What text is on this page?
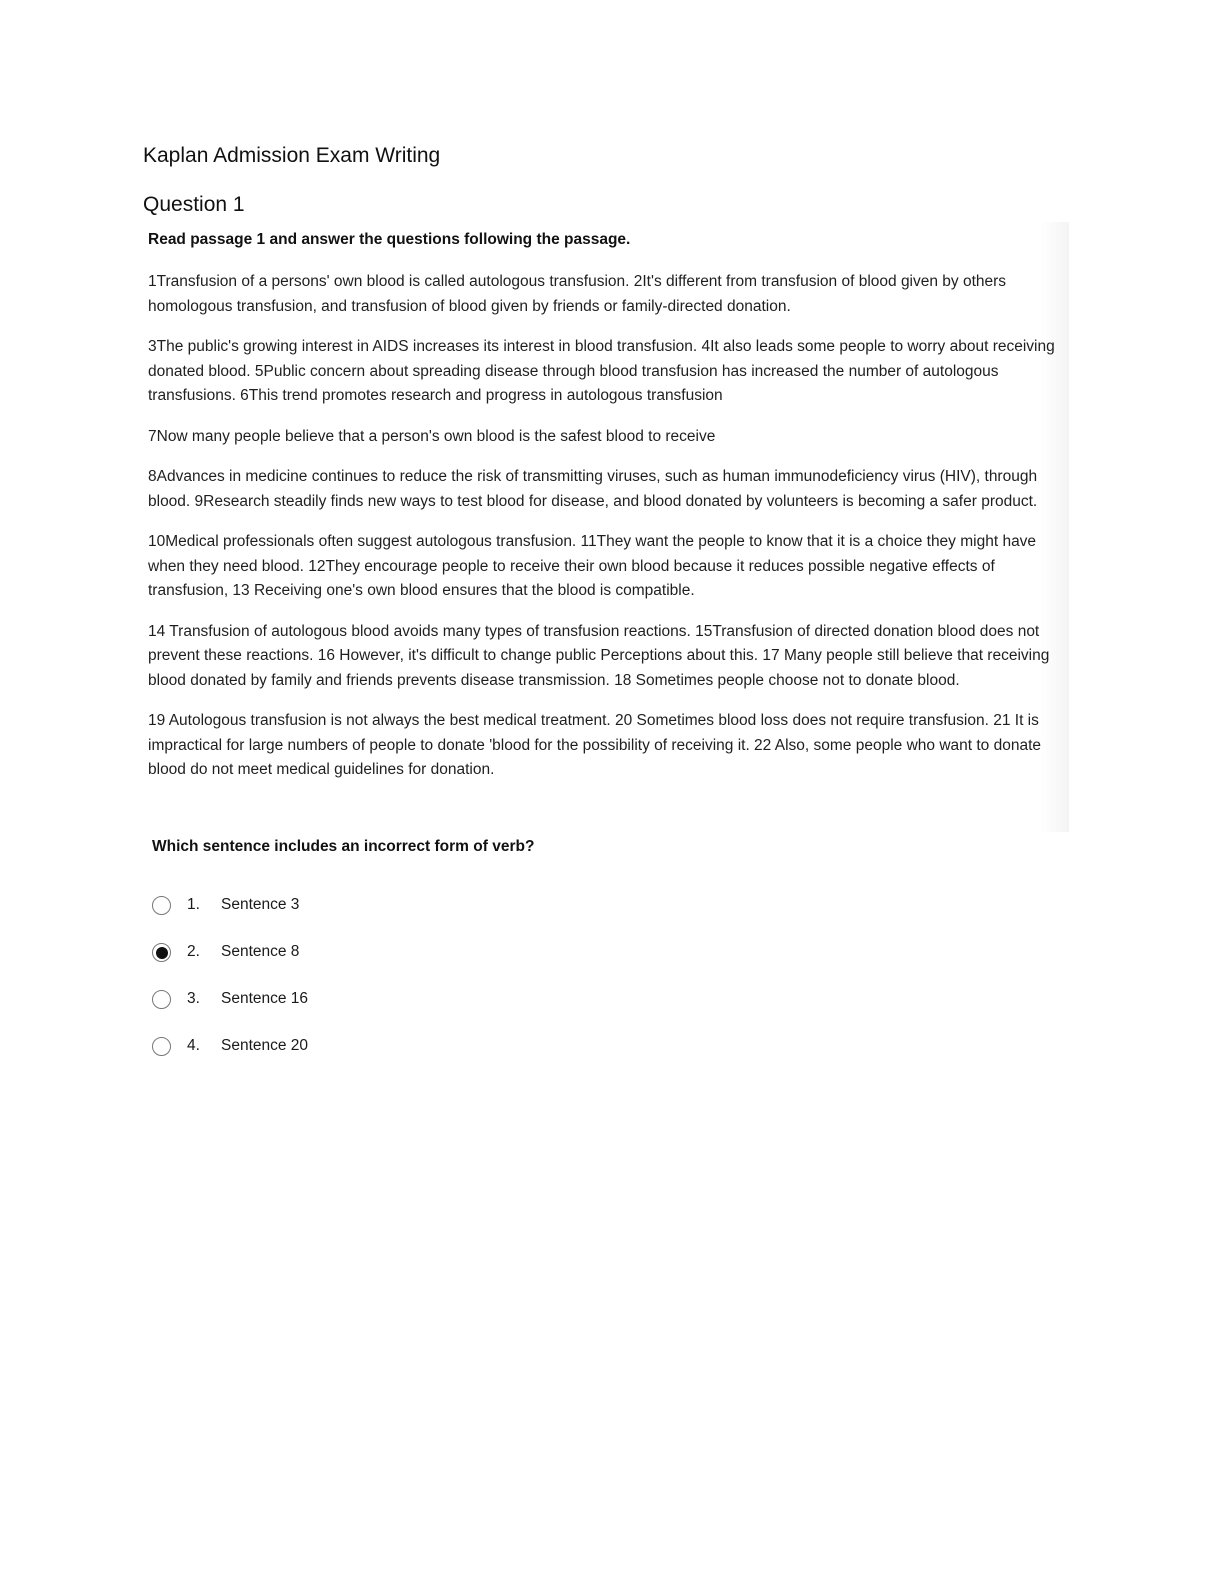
Kaplan Admission Exam Writing
Question 1

Read passage 1 and answer the questions following the passage.

1Transfusion of a persons' own blood is called autologous transfusion. 2It's different from transfusion of blood given by others homologous transfusion, and transfusion of blood given by friends or family-directed donation.

3The public's growing interest in AIDS increases its interest in blood transfusion. 4It also leads some people to worry about receiving donated blood. 5Public concern about spreading disease through blood transfusion has increased the number of autologous transfusions. 6This trend promotes research and progress in autologous transfusion

7Now many people believe that a person's own blood is the safest blood to receive

8Advances in medicine continues to reduce the risk of transmitting viruses, such as human immunodeficiency virus (HIV), through blood. 9Research steadily finds new ways to test blood for disease, and blood donated by volunteers is becoming a safer product.

10Medical professionals often suggest autologous transfusion. 11They want the people to know that it is a choice they might have when they need blood. 12They encourage people to receive their own blood because it reduces possible negative effects of transfusion, 13 Receiving one's own blood ensures that the blood is compatible.

14 Transfusion of autologous blood avoids many types of transfusion reactions. 15Transfusion of directed donation blood does not prevent these reactions. 16 However, it's difficult to change public Perceptions about this. 17 Many people still believe that receiving blood donated by family and friends prevents disease transmission. 18 Sometimes people choose not to donate blood.

19 Autologous transfusion is not always the best medical treatment. 20 Sometimes blood loss does not require transfusion. 21 It is impractical for large numbers of people to donate 'blood for the possibility of receiving it. 22 Also, some people who want to donate blood do not meet medical guidelines for donation.

Which sentence includes an incorrect form of verb?

1.	Sentence 3
2.	Sentence 8
3.	Sentence 16
4.	Sentence 20
